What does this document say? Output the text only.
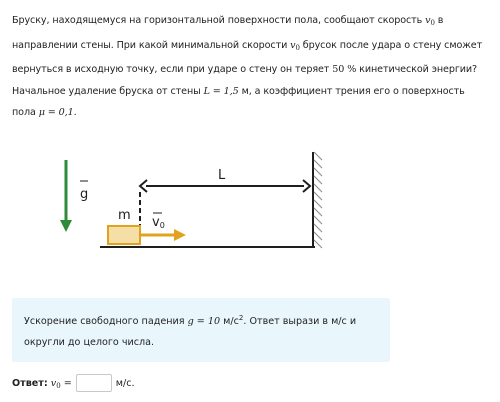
Бруску, находящемуся на горизонтальной поверхности пола, сообщают скорость $v_0$ в направлении стены. При какой минимальной скорости $v_0$ брусок после удара о стену сможет вернуться в исходную точку, если при ударе о стену он теряет 50 % кинетической энергии? Начальное удаление бруска от стены L = 1,5 м, а коэффициент трения его о поверхность пола μ = 0,1.
g
L
m v0
Ускорение свободного падения g = 10 $м/с^2$. Ответ вырази в м/с и округли до целого числа.
Ответ: $v_0$ =	м/с.
